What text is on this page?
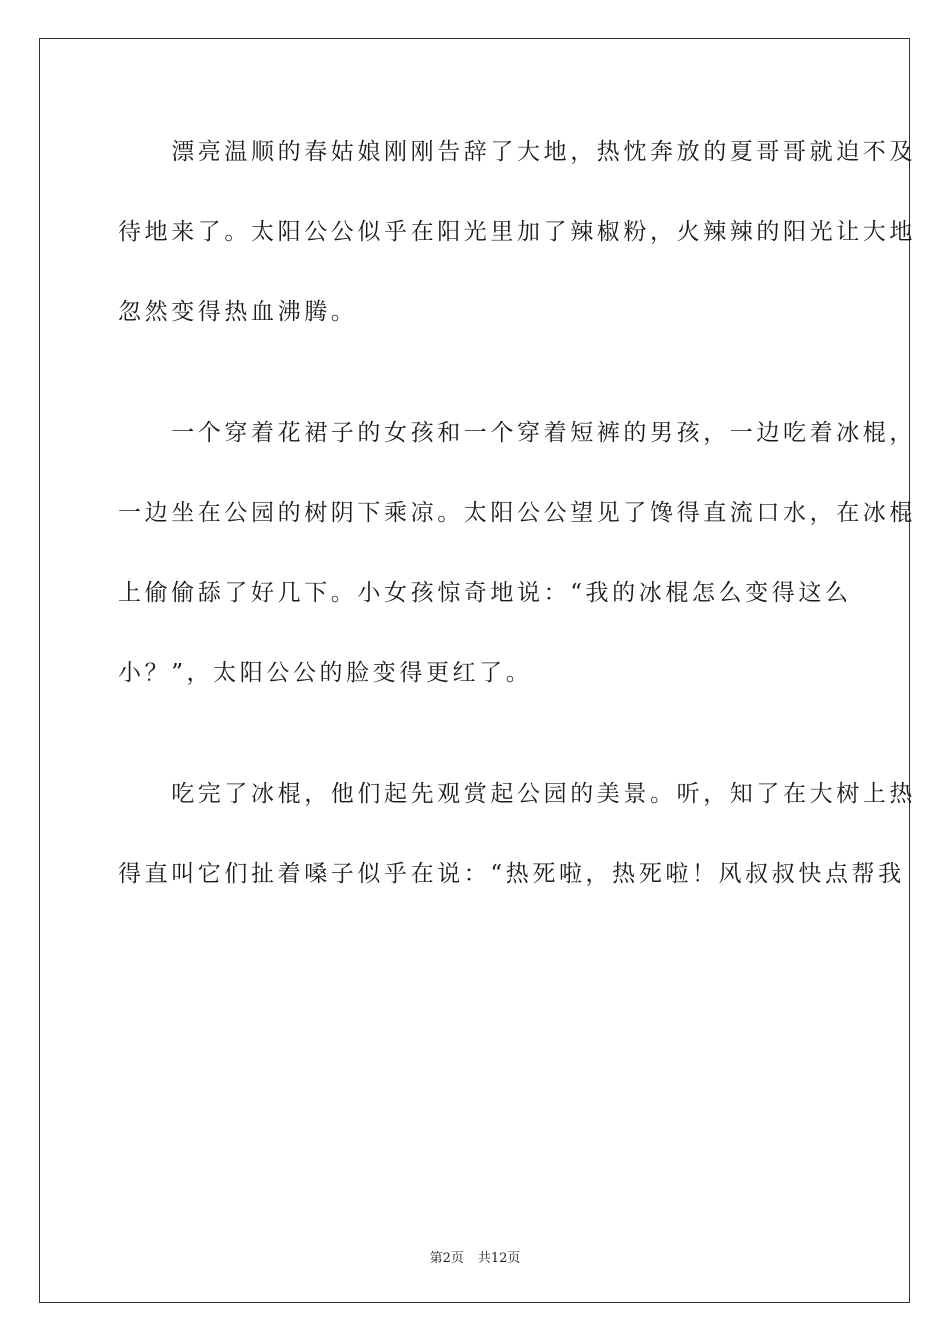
　　漂亮温顺的春姑娘刚刚告辞了大地，热忱奔放的夏哥哥就迫不及
待地来了。太阳公公似乎在阳光里加了辣椒粉，火辣辣的阳光让大地
忽然变得热血沸腾。
　　一个穿着花裙子的女孩和一个穿着短裤的男孩，一边吃着冰棍，
一边坐在公园的树阴下乘凉。太阳公公望见了馋得直流口水，在冰棍
上偷偷舔了好几下。小女孩惊奇地说：“我的冰棍怎么变得这么
小？”，太阳公公的脸变得更红了。
　　吃完了冰棍，他们起先观赏起公园的美景。听，知了在大树上热
得直叫它们扯着嗓子似乎在说：“热死啦，热死啦！风叔叔快点帮我
第2页 共12页
